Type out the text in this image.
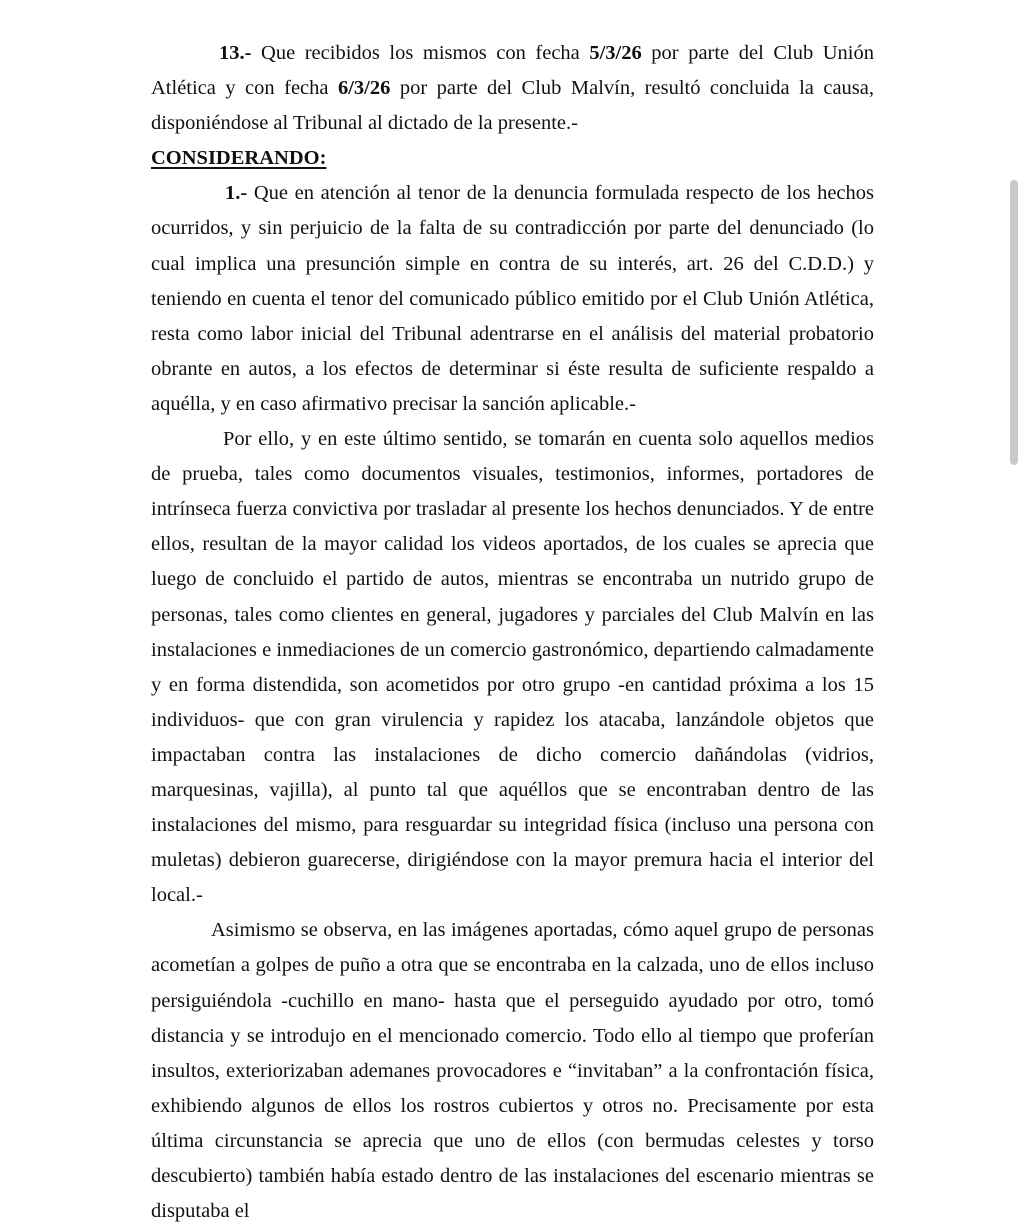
13.- Que recibidos los mismos con fecha 5/3/26 por parte del Club Unión Atlética y con fecha 6/3/26 por parte del Club Malvín, resultó concluida la causa, disponiéndose al Tribunal al dictado de la presente.-

CONSIDERANDO:

1.- Que en atención al tenor de la denuncia formulada respecto de los hechos ocurridos, y sin perjuicio de la falta de su contradicción por parte del denunciado (lo cual implica una presunción simple en contra de su interés, art. 26 del C.D.D.) y teniendo en cuenta el tenor del comunicado público emitido por el Club Unión Atlética, resta como labor inicial del Tribunal adentrarse en el análisis del material probatorio obrante en autos, a los efectos de determinar si éste resulta de suficiente respaldo a aquélla, y en caso afirmativo precisar la sanción aplicable.-

Por ello, y en este último sentido, se tomarán en cuenta solo aquellos medios de prueba, tales como documentos visuales, testimonios, informes, portadores de intrínseca fuerza convictiva por trasladar al presente los hechos denunciados. Y de entre ellos, resultan de la mayor calidad los videos aportados, de los cuales se aprecia que luego de concluido el partido de autos, mientras se encontraba un nutrido grupo de personas, tales como clientes en general, jugadores y parciales del Club Malvín en las instalaciones e inmediaciones de un comercio gastronómico, departiendo calmadamente y en forma distendida, son acometidos por otro grupo -en cantidad próxima a los 15 individuos- que con gran virulencia y rapidez los atacaba, lanzándole objetos que impactaban contra las instalaciones de dicho comercio dañándolas (vidrios, marquesinas, vajilla), al punto tal que aquéllos que se encontraban dentro de las instalaciones del mismo, para resguardar su integridad física (incluso una persona con muletas) debieron guarecerse, dirigiéndose con la mayor premura hacia el interior del local.-

Asimismo se observa, en las imágenes aportadas, cómo aquel grupo de personas acometían a golpes de puño a otra que se encontraba en la calzada, uno de ellos incluso persiguiéndola -cuchillo en mano- hasta que el perseguido ayudado por otro, tomó distancia y se introdujo en el mencionado comercio. Todo ello al tiempo que proferían insultos, exteriorizaban ademanes provocadores e “invitaban” a la confrontación física, exhibiendo algunos de ellos los rostros cubiertos y otros no. Precisamente por esta última circunstancia se aprecia que uno de ellos (con bermudas celestes y torso descubierto) también había estado dentro de las instalaciones del escenario mientras se disputaba el
